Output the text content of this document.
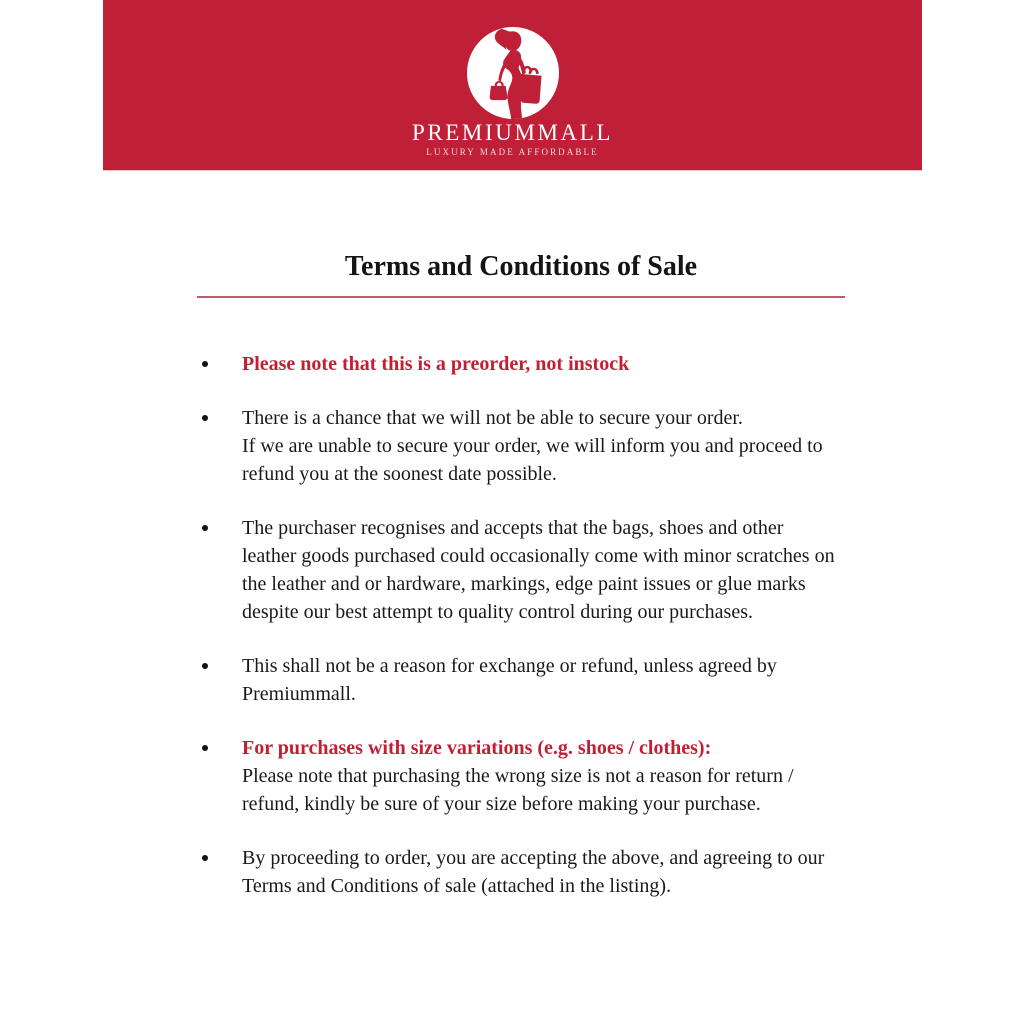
PREMIUMMALL
LUXURY MADE AFFORDABLE
Terms and Conditions of Sale
Please note that this is a preorder, not instock
There is a chance that we will not be able to secure your order.
If we are unable to secure your order, we will inform you and proceed to
refund you at the soonest date possible.
The purchaser recognises and accepts that the bags, shoes and other
leather goods purchased could occasionally come with minor scratches on
the leather and or hardware, markings, edge paint issues or glue marks
despite our best attempt to quality control during our purchases.
This shall not be a reason for exchange or refund, unless agreed by
Premiummall.
For purchases with size variations (e.g. shoes / clothes):
Please note that purchasing the wrong size is not a reason for return /
refund, kindly be sure of your size before making your purchase.
By proceeding to order, you are accepting the above, and agreeing to our
Terms and Conditions of sale (attached in the listing).
